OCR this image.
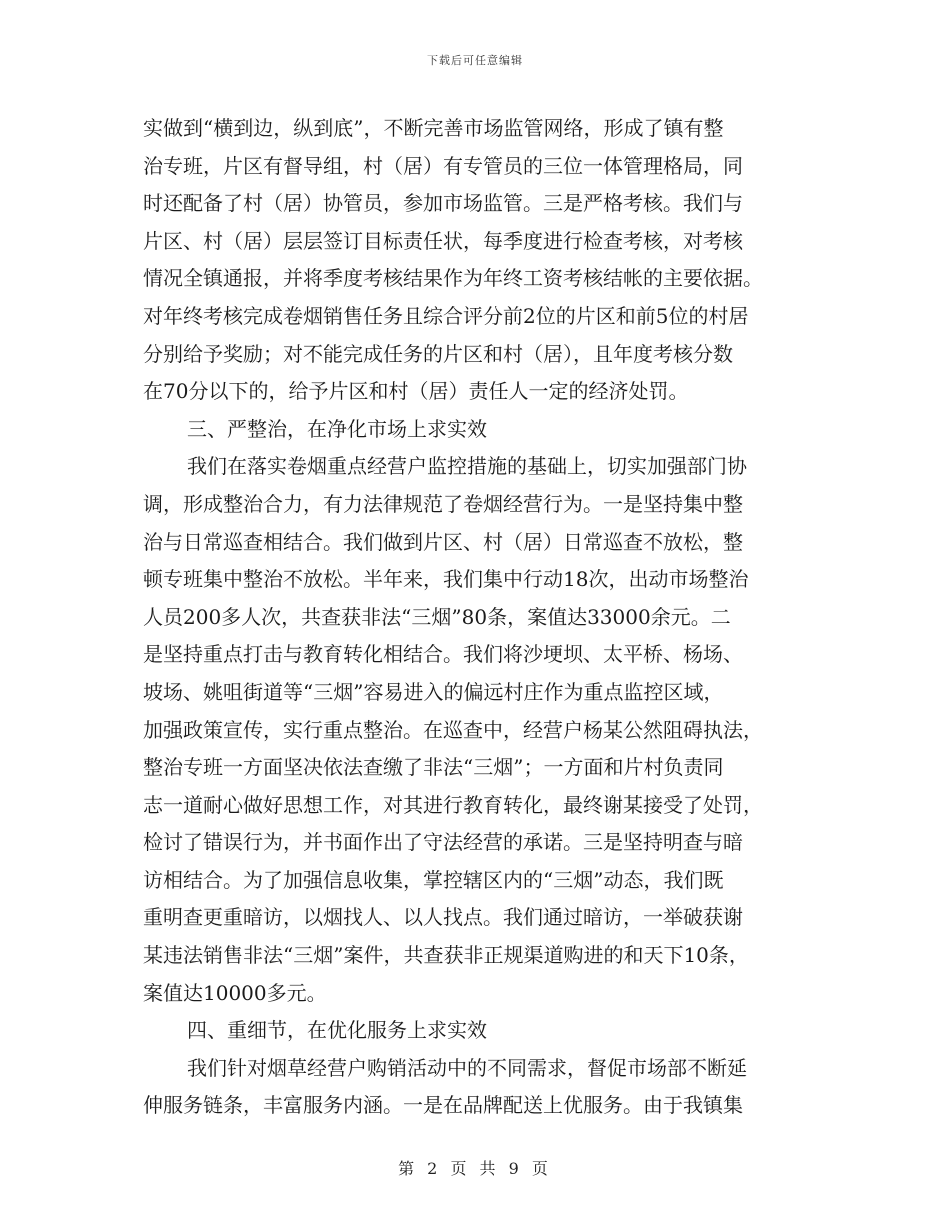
下载后可任意编辑
实做到“横到边，纵到底”，不断完善市场监管网络，形成了镇有整
治专班，片区有督导组，村（居）有专管员的三位一体管理格局，同
时还配备了村（居）协管员，参加市场监管。三是严格考核。我们与
片区、村（居）层层签订目标责任状，每季度进行检查考核，对考核
情况全镇通报，并将季度考核结果作为年终工资考核结帐的主要依据。
对年终考核完成卷烟销售任务且综合评分前2位的片区和前5位的村居
分别给予奖励；对不能完成任务的片区和村（居），且年度考核分数
在70分以下的，给予片区和村（居）责任人一定的经济处罚。
三、严整治，在净化市场上求实效
我们在落实卷烟重点经营户监控措施的基础上，切实加强部门协
调，形成整治合力，有力法律规范了卷烟经营行为。一是坚持集中整
治与日常巡查相结合。我们做到片区、村（居）日常巡查不放松，整
顿专班集中整治不放松。半年来，我们集中行动18次，出动市场整治
人员200多人次，共查获非法“三烟”80条，案值达33000余元。二
是坚持重点打击与教育转化相结合。我们将沙埂坝、太平桥、杨场、
坡场、姚咀街道等“三烟”容易进入的偏远村庄作为重点监控区域，
加强政策宣传，实行重点整治。在巡查中，经营户杨某公然阻碍执法，
整治专班一方面坚决依法查缴了非法“三烟”；一方面和片村负责同
志一道耐心做好思想工作，对其进行教育转化，最终谢某接受了处罚，
检讨了错误行为，并书面作出了守法经营的承诺。三是坚持明查与暗
访相结合。为了加强信息收集，掌控辖区内的“三烟”动态，我们既
重明查更重暗访，以烟找人、以人找点。我们通过暗访，一举破获谢
某违法销售非法“三烟”案件，共查获非正规渠道购进的和天下10条，
案值达10000多元。
四、重细节，在优化服务上求实效
我们针对烟草经营户购销活动中的不同需求，督促市场部不断延
伸服务链条，丰富服务内涵。一是在品牌配送上优服务。由于我镇集
第 2 页 共 9 页
